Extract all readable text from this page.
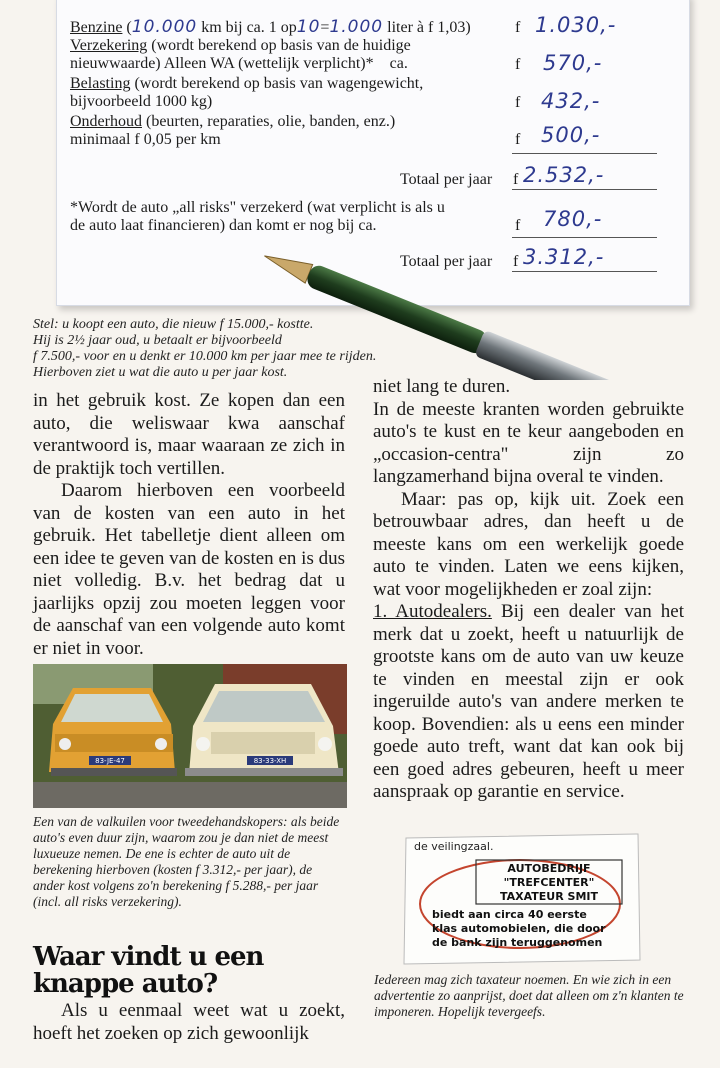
Benzine (10.000 km bij ca. 1 op10=1.000 liter à f 1,03)	f 1.030,-
Verzekering (wordt berekend op basis van de huidige
nieuwwaarde) Alleen WA (wettelijk verplicht)* ca.	f 570,-
Belasting (wordt berekend op basis van wagengewicht,
bijvoorbeeld 1000 kg)	f 432,-
Onderhoud (beurten, reparaties, olie, banden, enz.)
minimaal f 0,05 per km	f 500,-
Totaal per jaar f 2.532,-
*Wordt de auto „all risks" verzekerd (wat verplicht is als u
de auto laat financieren) dan komt er nog bij ca.	f 780,-
Totaal per jaar f 3.312,-
Stel: u koopt een auto, die nieuw f 15.000,- kostte.
Hij is 2½ jaar oud, u betaalt er bijvoorbeeld
f 7.500,- voor en u denkt er 10.000 km per jaar mee te rijden.
Hierboven ziet u wat die auto u per jaar kost.

in het gebruik kost. Ze kopen dan een auto, die weliswaar kwa aanschaf verantwoord is, maar waaraan ze zich in de praktijk toch vertillen.

Daarom hierboven een voorbeeld van de kosten van een auto in het gebruik. Het tabelletje dient alleen om een idee te geven van de kosten en is dus niet volledig. B.v. het bedrag dat u jaarlijks opzij zou moeten leggen voor de aanschaf van een volgende auto komt er niet in voor.

83-JE-47	83-33-XH
Een van de valkuilen voor tweedehandskopers: als beide auto's even duur zijn, waarom zou je dan niet de meest luxueuze nemen. De ene is echter de auto uit de berekening hierboven (kosten f 3.312,- per jaar), de ander kost volgens zo'n berekening f 5.288,- per jaar (incl. all risks verzekering).
Waar vindt u een knappe auto?

Als u eenmaal weet wat u zoekt, hoeft het zoeken op zich gewoonlijk

niet lang te duren.

In de meeste kranten worden gebruikte auto's te kust en te keur aangeboden en „occasion-centra" zijn zo langzamerhand bijna overal te vinden.

Maar: pas op, kijk uit. Zoek een betrouwbaar adres, dan heeft u de meeste kans om een werkelijk goede auto te vinden. Laten we eens kijken, wat voor mogelijkheden er zoal zijn:

1. Autodealers. Bij een dealer van het merk dat u zoekt, heeft u natuurlijk de grootste kans om de auto van uw keuze te vinden en meestal zijn er ook ingeruilde auto's van andere merken te koop. Bovendien: als u eens een minder goede auto treft, want dat kan ook bij een goed adres gebeuren, heeft u meer aanspraak op garantie en service.

de veilingzaal.
AUTOBEDRIJF
"TREFCENTER"
TAXATEUR SMIT
biedt aan circa 40 eerste
klas automobielen, die door
de bank zijn teruggenomen
Iedereen mag zich taxateur noemen. En wie zich in een advertentie zo aanprijst, doet dat alleen om z'n klanten te imponeren. Hopelijk tevergeefs.
